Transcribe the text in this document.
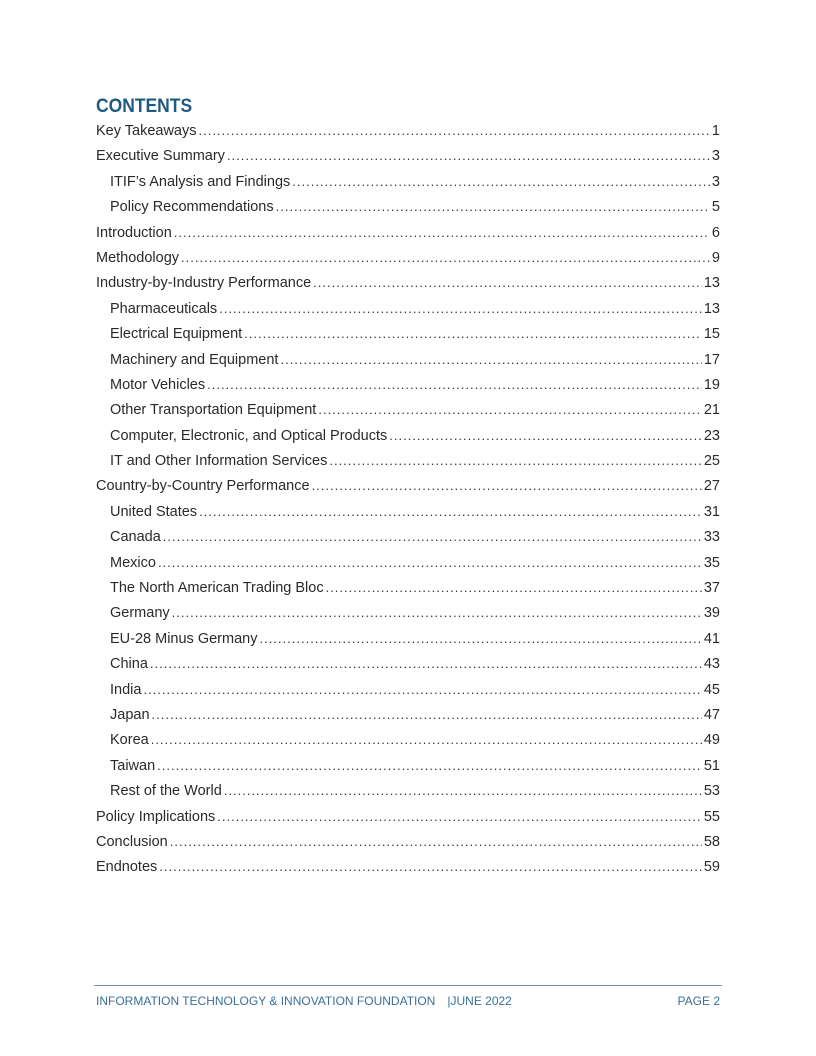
CONTENTS
Key Takeaways .....	1
Executive Summary .....	3
ITIF’s Analysis and Findings .....	3
Policy Recommendations .....	5
Introduction .....	6
Methodology .....	9
Industry-by-Industry Performance .....	13
Pharmaceuticals .....	13
Electrical Equipment .....	15
Machinery and Equipment .....	17
Motor Vehicles .....	19
Other Transportation Equipment .....	21
Computer, Electronic, and Optical Products .....	23
IT and Other Information Services .....	25
Country-by-Country Performance .....	27
United States .....	31
Canada .....	33
Mexico .....	35
The North American Trading Bloc .....	37
Germany .....	39
EU-28 Minus Germany .....	41
China .....	43
India .....	45
Japan .....	47
Korea .....	49
Taiwan .....	51
Rest of the World .....	53
Policy Implications .....	55
Conclusion .....	58
Endnotes .....	59
INFORMATION TECHNOLOGY & INNOVATION FOUNDATION |JUNE 2022	PAGE 2
